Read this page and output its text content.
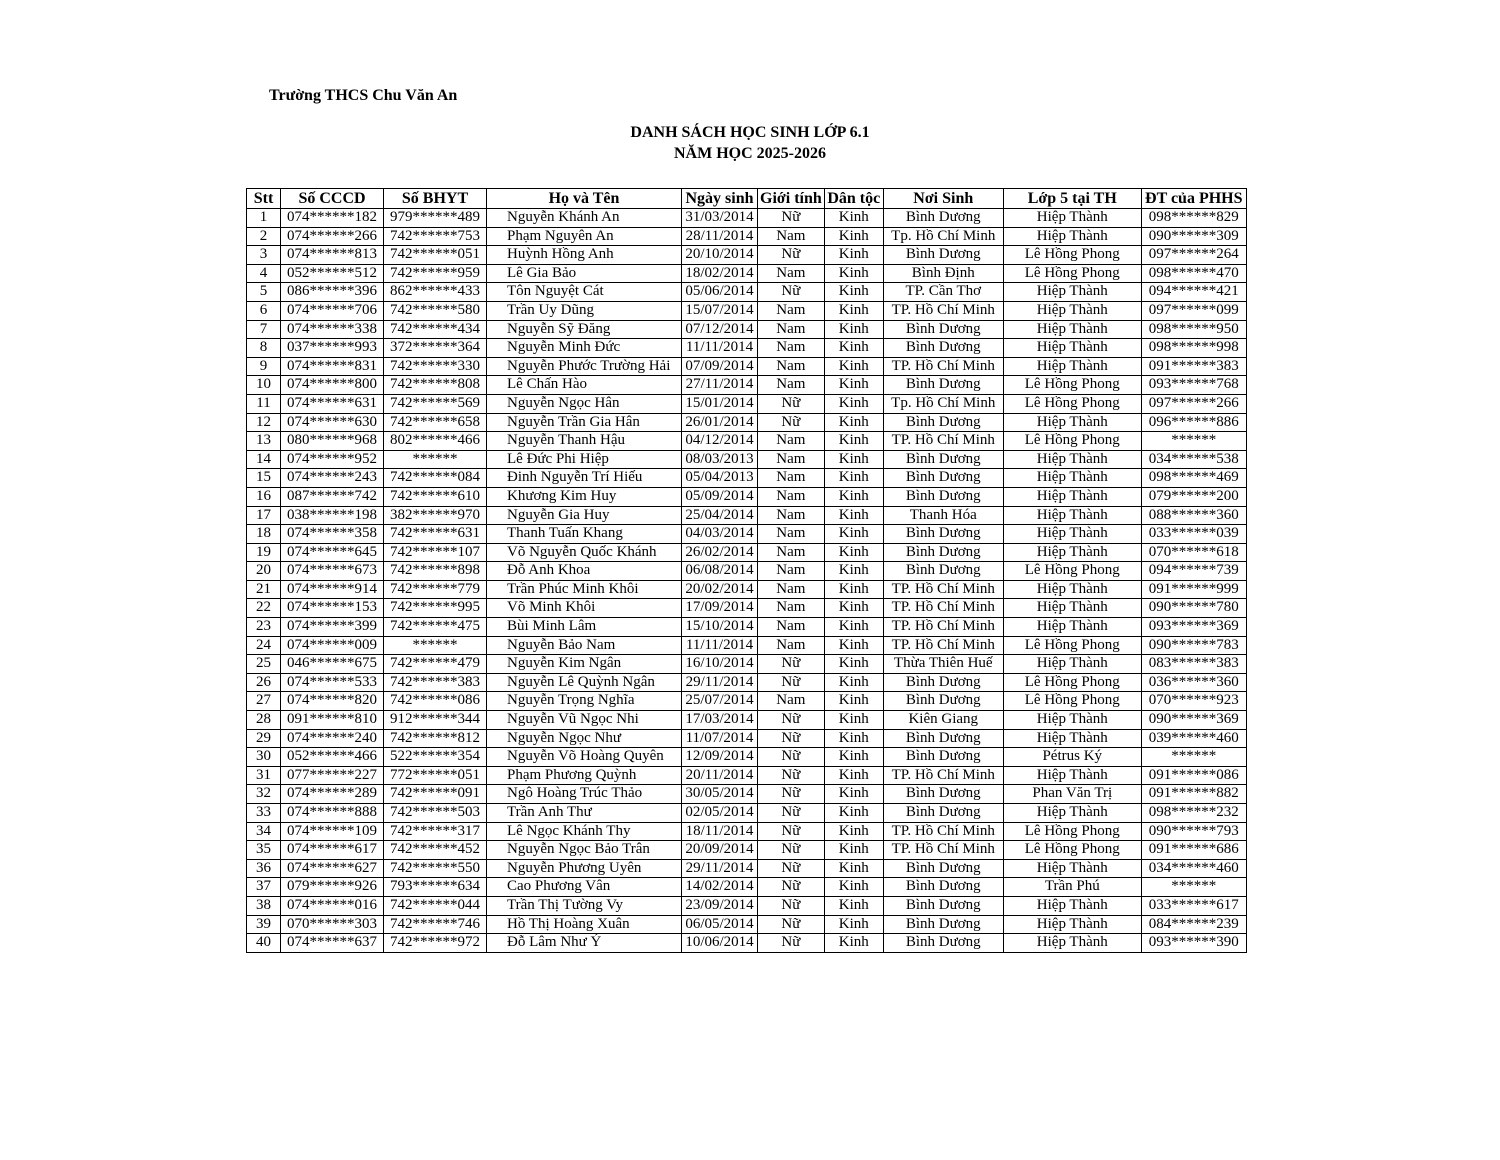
Trường THCS Chu Văn An
DANH SÁCH HỌC SINH LỚP 6.1
NĂM HỌC 2025-2026
Stt	Số CCCD	Số BHYT	Họ và Tên	Ngày sinh	Giới tính	Dân tộc	Nơi Sinh	Lớp 5 tại TH	ĐT của PHHS
1	074******182	979******489	Nguyễn Khánh An	31/03/2014	Nữ	Kinh	Bình Dương	Hiệp Thành	098******829
2	074******266	742******753	Phạm Nguyên An	28/11/2014	Nam	Kinh	Tp. Hồ Chí Minh	Hiệp Thành	090******309
3	074******813	742******051	Huỳnh Hồng Anh	20/10/2014	Nữ	Kinh	Bình Dương	Lê Hồng Phong	097******264
4	052******512	742******959	Lê Gia Bảo	18/02/2014	Nam	Kinh	Bình Định	Lê Hồng Phong	098******470
5	086******396	862******433	Tôn Nguyệt Cát	05/06/2014	Nữ	Kinh	TP. Cần Thơ	Hiệp Thành	094******421
6	074******706	742******580	Trần Uy Dũng	15/07/2014	Nam	Kinh	TP. Hồ Chí Minh	Hiệp Thành	097******099
7	074******338	742******434	Nguyễn Sỹ Đăng	07/12/2014	Nam	Kinh	Bình Dương	Hiệp Thành	098******950
8	037******993	372******364	Nguyễn Minh Đức	11/11/2014	Nam	Kinh	Bình Dương	Hiệp Thành	098******998
9	074******831	742******330	Nguyễn Phước Trường Hải	07/09/2014	Nam	Kinh	TP. Hồ Chí Minh	Hiệp Thành	091******383
10	074******800	742******808	Lê Chấn Hào	27/11/2014	Nam	Kinh	Bình Dương	Lê Hồng Phong	093******768
11	074******631	742******569	Nguyễn Ngọc Hân	15/01/2014	Nữ	Kinh	Tp. Hồ Chí Minh	Lê Hồng Phong	097******266
12	074******630	742******658	Nguyễn Trần Gia Hân	26/01/2014	Nữ	Kinh	Bình Dương	Hiệp Thành	096******886
13	080******968	802******466	Nguyễn Thanh Hậu	04/12/2014	Nam	Kinh	TP. Hồ Chí Minh	Lê Hồng Phong	******
14	074******952	******	Lê Đức Phi Hiệp	08/03/2013	Nam	Kinh	Bình Dương	Hiệp Thành	034******538
15	074******243	742******084	Đinh Nguyễn Trí Hiếu	05/04/2013	Nam	Kinh	Bình Dương	Hiệp Thành	098******469
16	087******742	742******610	Khương Kim Huy	05/09/2014	Nam	Kinh	Bình Dương	Hiệp Thành	079******200
17	038******198	382******970	Nguyễn Gia Huy	25/04/2014	Nam	Kinh	Thanh Hóa	Hiệp Thành	088******360
18	074******358	742******631	Thanh Tuấn Khang	04/03/2014	Nam	Kinh	Bình Dương	Hiệp Thành	033******039
19	074******645	742******107	Võ Nguyễn Quốc Khánh	26/02/2014	Nam	Kinh	Bình Dương	Hiệp Thành	070******618
20	074******673	742******898	Đỗ Anh Khoa	06/08/2014	Nam	Kinh	Bình Dương	Lê Hồng Phong	094******739
21	074******914	742******779	Trần Phúc Minh Khôi	20/02/2014	Nam	Kinh	TP. Hồ Chí Minh	Hiệp Thành	091******999
22	074******153	742******995	Võ Minh Khôi	17/09/2014	Nam	Kinh	TP. Hồ Chí Minh	Hiệp Thành	090******780
23	074******399	742******475	Bùi Minh Lâm	15/10/2014	Nam	Kinh	TP. Hồ Chí Minh	Hiệp Thành	093******369
24	074******009	******	Nguyễn Bảo Nam	11/11/2014	Nam	Kinh	TP. Hồ Chí Minh	Lê Hồng Phong	090******783
25	046******675	742******479	Nguyễn Kim Ngân	16/10/2014	Nữ	Kinh	Thừa Thiên Huế	Hiệp Thành	083******383
26	074******533	742******383	Nguyễn Lê Quỳnh Ngân	29/11/2014	Nữ	Kinh	Bình Dương	Lê Hồng Phong	036******360
27	074******820	742******086	Nguyễn Trọng Nghĩa	25/07/2014	Nam	Kinh	Bình Dương	Lê Hồng Phong	070******923
28	091******810	912******344	Nguyễn Vũ Ngọc Nhi	17/03/2014	Nữ	Kinh	Kiên Giang	Hiệp Thành	090******369
29	074******240	742******812	Nguyễn Ngọc Như	11/07/2014	Nữ	Kinh	Bình Dương	Hiệp Thành	039******460
30	052******466	522******354	Nguyễn Võ Hoàng Quyên	12/09/2014	Nữ	Kinh	Bình Dương	Pétrus Ký	******
31	077******227	772******051	Phạm Phương Quỳnh	20/11/2014	Nữ	Kinh	TP. Hồ Chí Minh	Hiệp Thành	091******086
32	074******289	742******091	Ngô Hoàng Trúc Thảo	30/05/2014	Nữ	Kinh	Bình Dương	Phan Văn Trị	091******882
33	074******888	742******503	Trần Anh Thư	02/05/2014	Nữ	Kinh	Bình Dương	Hiệp Thành	098******232
34	074******109	742******317	Lê Ngọc Khánh Thy	18/11/2014	Nữ	Kinh	TP. Hồ Chí Minh	Lê Hồng Phong	090******793
35	074******617	742******452	Nguyễn Ngọc Bảo Trân	20/09/2014	Nữ	Kinh	TP. Hồ Chí Minh	Lê Hồng Phong	091******686
36	074******627	742******550	Nguyễn Phương Uyên	29/11/2014	Nữ	Kinh	Bình Dương	Hiệp Thành	034******460
37	079******926	793******634	Cao Phương Vân	14/02/2014	Nữ	Kinh	Bình Dương	Trần Phú	******
38	074******016	742******044	Trần Thị Tường Vy	23/09/2014	Nữ	Kinh	Bình Dương	Hiệp Thành	033******617
39	070******303	742******746	Hồ Thị Hoàng Xuân	06/05/2014	Nữ	Kinh	Bình Dương	Hiệp Thành	084******239
40	074******637	742******972	Đỗ Lâm Như Ý	10/06/2014	Nữ	Kinh	Bình Dương	Hiệp Thành	093******390
